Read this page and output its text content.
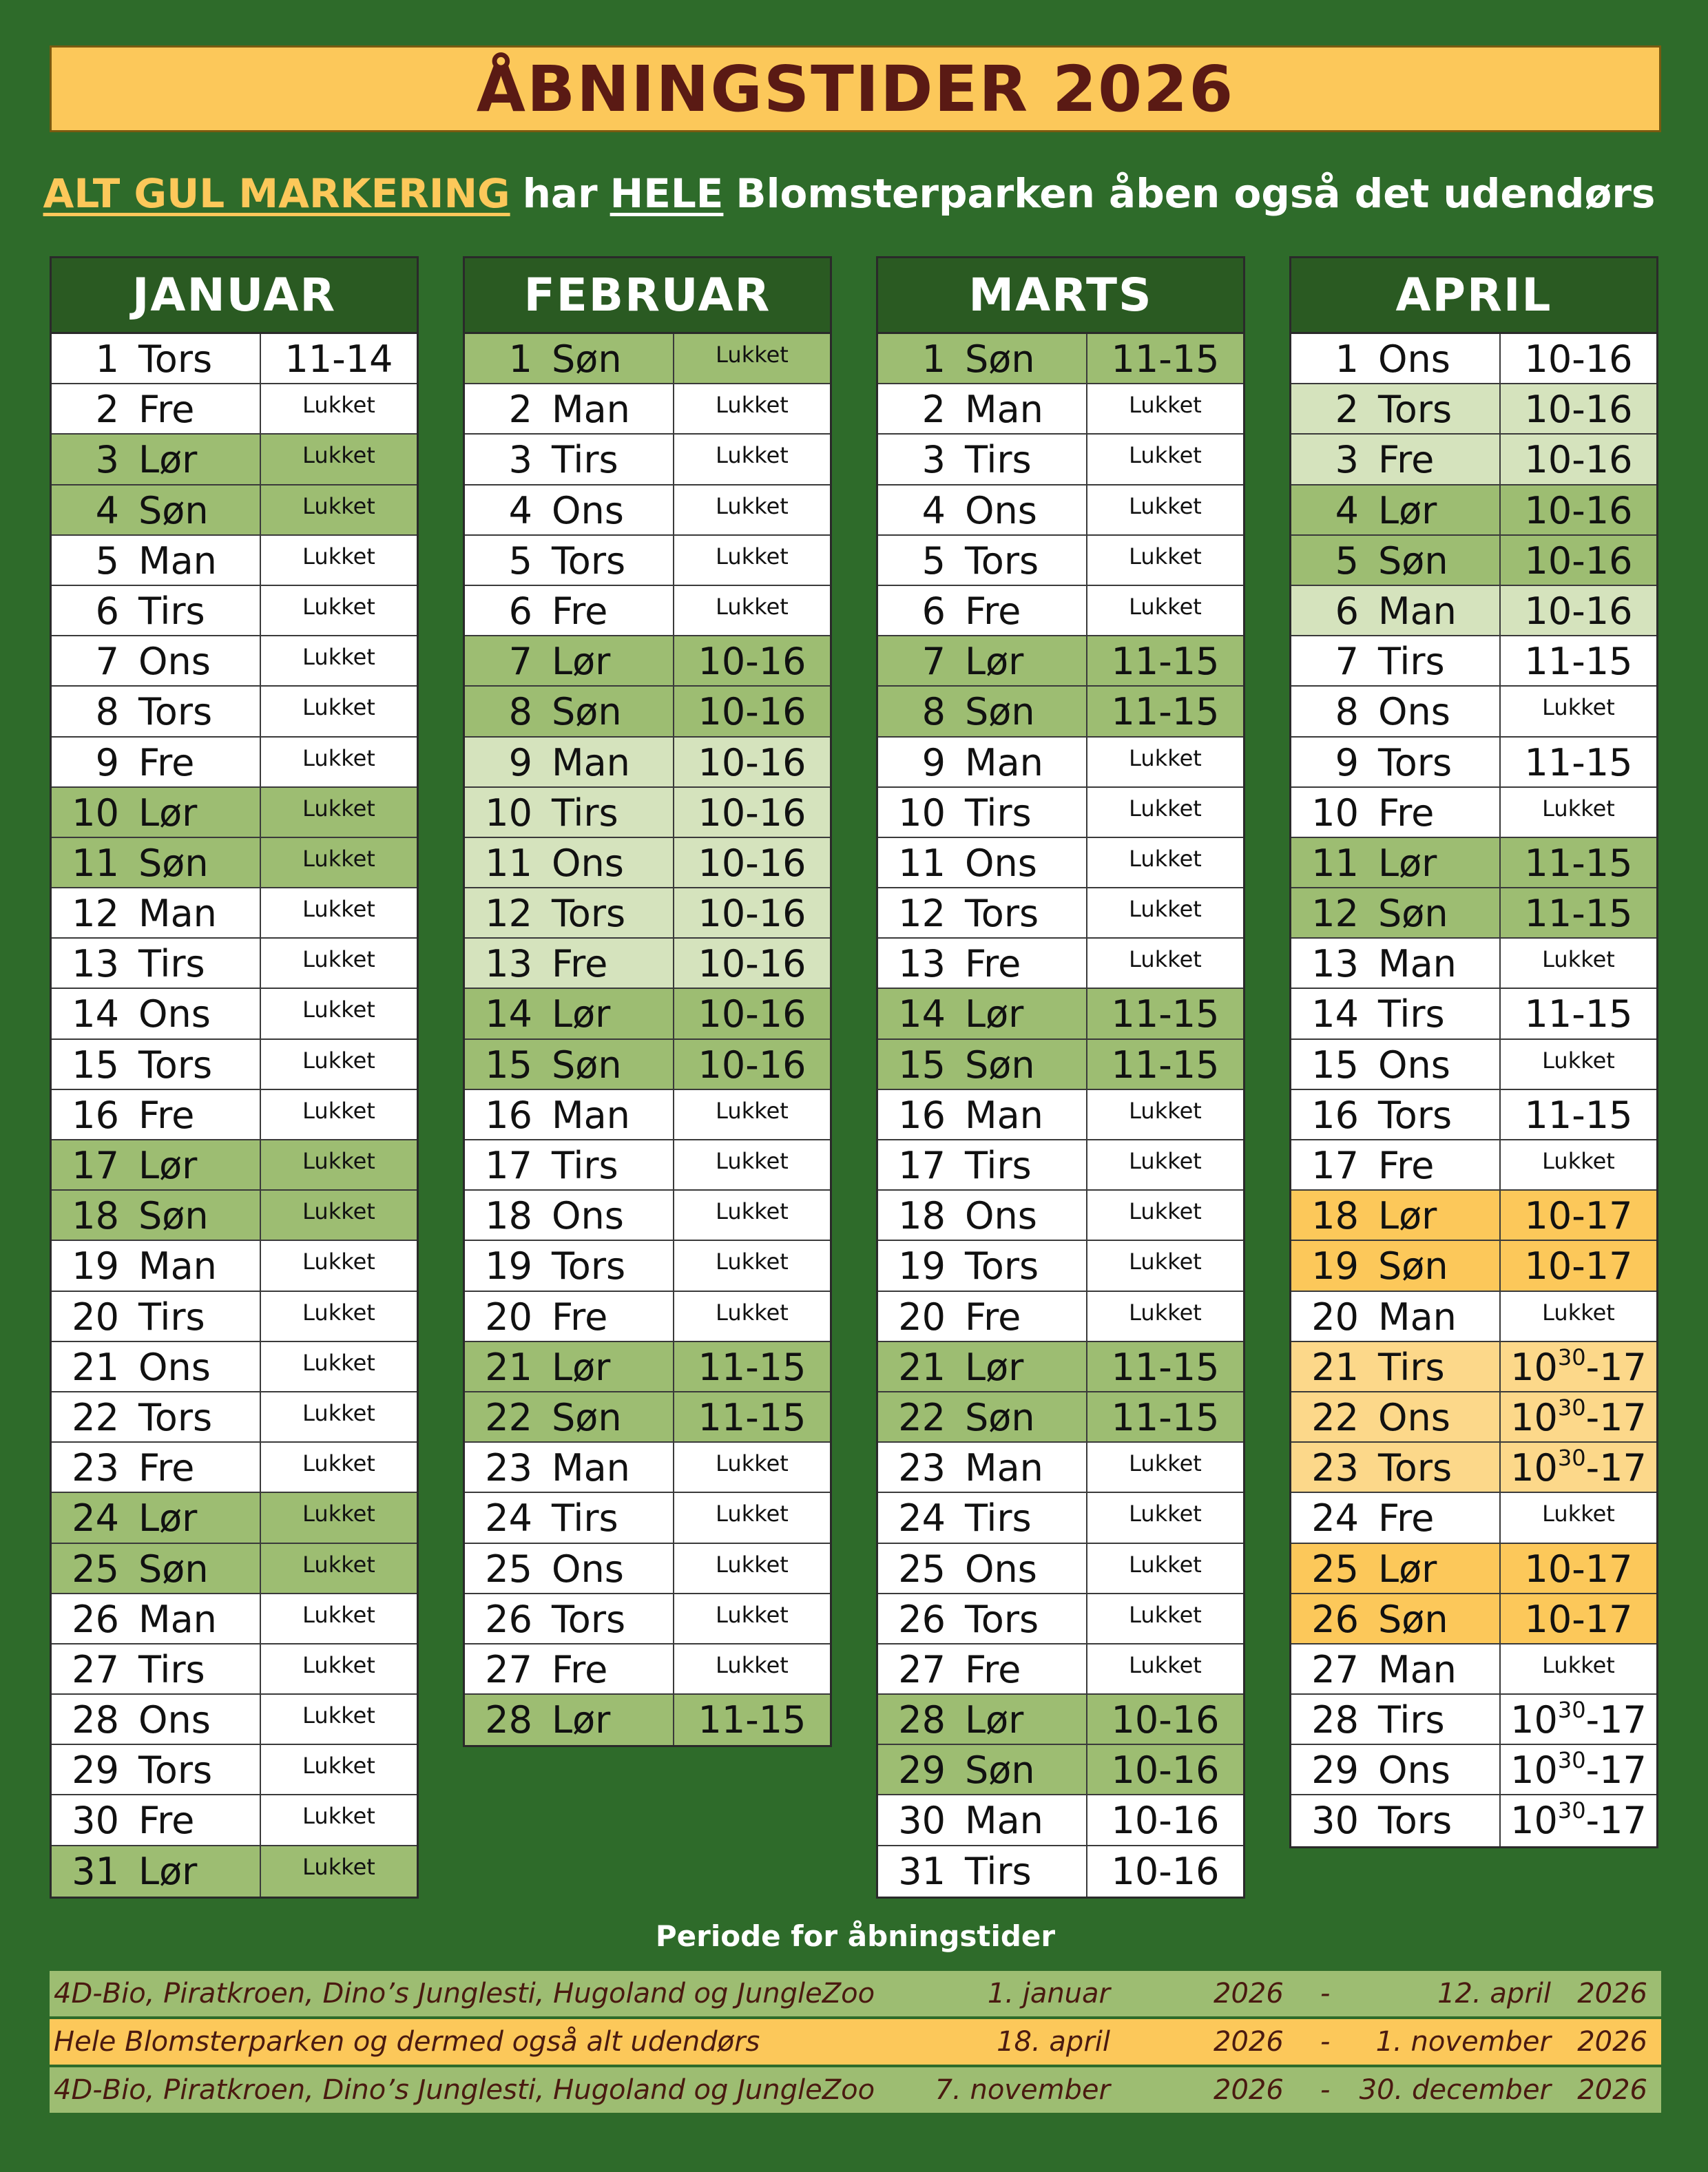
ÅBNINGSTIDER 2026
ALT GUL MARKERING har HELE Blomsterparken åben også det udendørs
JANUAR
1 Tors	11-14
2 Fre	Lukket
3 Lør	Lukket
4 Søn	Lukket
5 Man	Lukket
6 Tirs	Lukket
7 Ons	Lukket
8 Tors	Lukket
9 Fre	Lukket
10 Lør	Lukket
11 Søn	Lukket
12 Man	Lukket
13 Tirs	Lukket
14 Ons	Lukket
15 Tors	Lukket
16 Fre	Lukket
17 Lør	Lukket
18 Søn	Lukket
19 Man	Lukket
20 Tirs	Lukket
21 Ons	Lukket
22 Tors	Lukket
23 Fre	Lukket
24 Lør	Lukket
25 Søn	Lukket
26 Man	Lukket
27 Tirs	Lukket
28 Ons	Lukket
29 Tors	Lukket
30 Fre	Lukket
31 Lør	Lukket
FEBRUAR
1 Søn	Lukket
2 Man	Lukket
3 Tirs	Lukket
4 Ons	Lukket
5 Tors	Lukket
6 Fre	Lukket
7 Lør	10-16
8 Søn	10-16
9 Man	10-16
10 Tirs	10-16
11 Ons	10-16
12 Tors	10-16
13 Fre	10-16
14 Lør	10-16
15 Søn	10-16
16 Man	Lukket
17 Tirs	Lukket
18 Ons	Lukket
19 Tors	Lukket
20 Fre	Lukket
21 Lør	11-15
22 Søn	11-15
23 Man	Lukket
24 Tirs	Lukket
25 Ons	Lukket
26 Tors	Lukket
27 Fre	Lukket
28 Lør	11-15
MARTS
1 Søn	11-15
2 Man	Lukket
3 Tirs	Lukket
4 Ons	Lukket
5 Tors	Lukket
6 Fre	Lukket
7 Lør	11-15
8 Søn	11-15
9 Man	Lukket
10 Tirs	Lukket
11 Ons	Lukket
12 Tors	Lukket
13 Fre	Lukket
14 Lør	11-15
15 Søn	11-15
16 Man	Lukket
17 Tirs	Lukket
18 Ons	Lukket
19 Tors	Lukket
20 Fre	Lukket
21 Lør	11-15
22 Søn	11-15
23 Man	Lukket
24 Tirs	Lukket
25 Ons	Lukket
26 Tors	Lukket
27 Fre	Lukket
28 Lør	10-16
29 Søn	10-16
30 Man	10-16
31 Tirs	10-16
APRIL
1 Ons	10-16
2 Tors	10-16
3 Fre	10-16
4 Lør	10-16
5 Søn	10-16
6 Man	10-16
7 Tirs	11-15
8 Ons	Lukket
9 Tors	11-15
10 Fre	Lukket
11 Lør	11-15
12 Søn	11-15
13 Man	Lukket
14 Tirs	11-15
15 Ons	Lukket
16 Tors	11-15
17 Fre	Lukket
18 Lør	10-17
19 Søn	10-17
20 Man	Lukket
21 Tirs	$10^{30}-17$
22 Ons	$10^{30}-17$
23 Tors	$10^{30}-17$
24 Fre	Lukket
25 Lør	10-17
26 Søn	10-17
27 Man	Lukket
28 Tirs	$10^{30}-17$
29 Ons	$10^{30}-17$
30 Tors	$10^{30}-17$
Periode for åbningstider
4D-Bio, Piratkroen, Dino’s Junglesti, Hugoland og JungleZoo	1. januar	2026 -	12. april 2026
Hele Blomsterparken og dermed også alt udendørs	18. april	2026 - 1. november 2026
4D-Bio, Piratkroen, Dino’s Junglesti, Hugoland og JungleZoo 7. november	2026 - 30. december 2026
